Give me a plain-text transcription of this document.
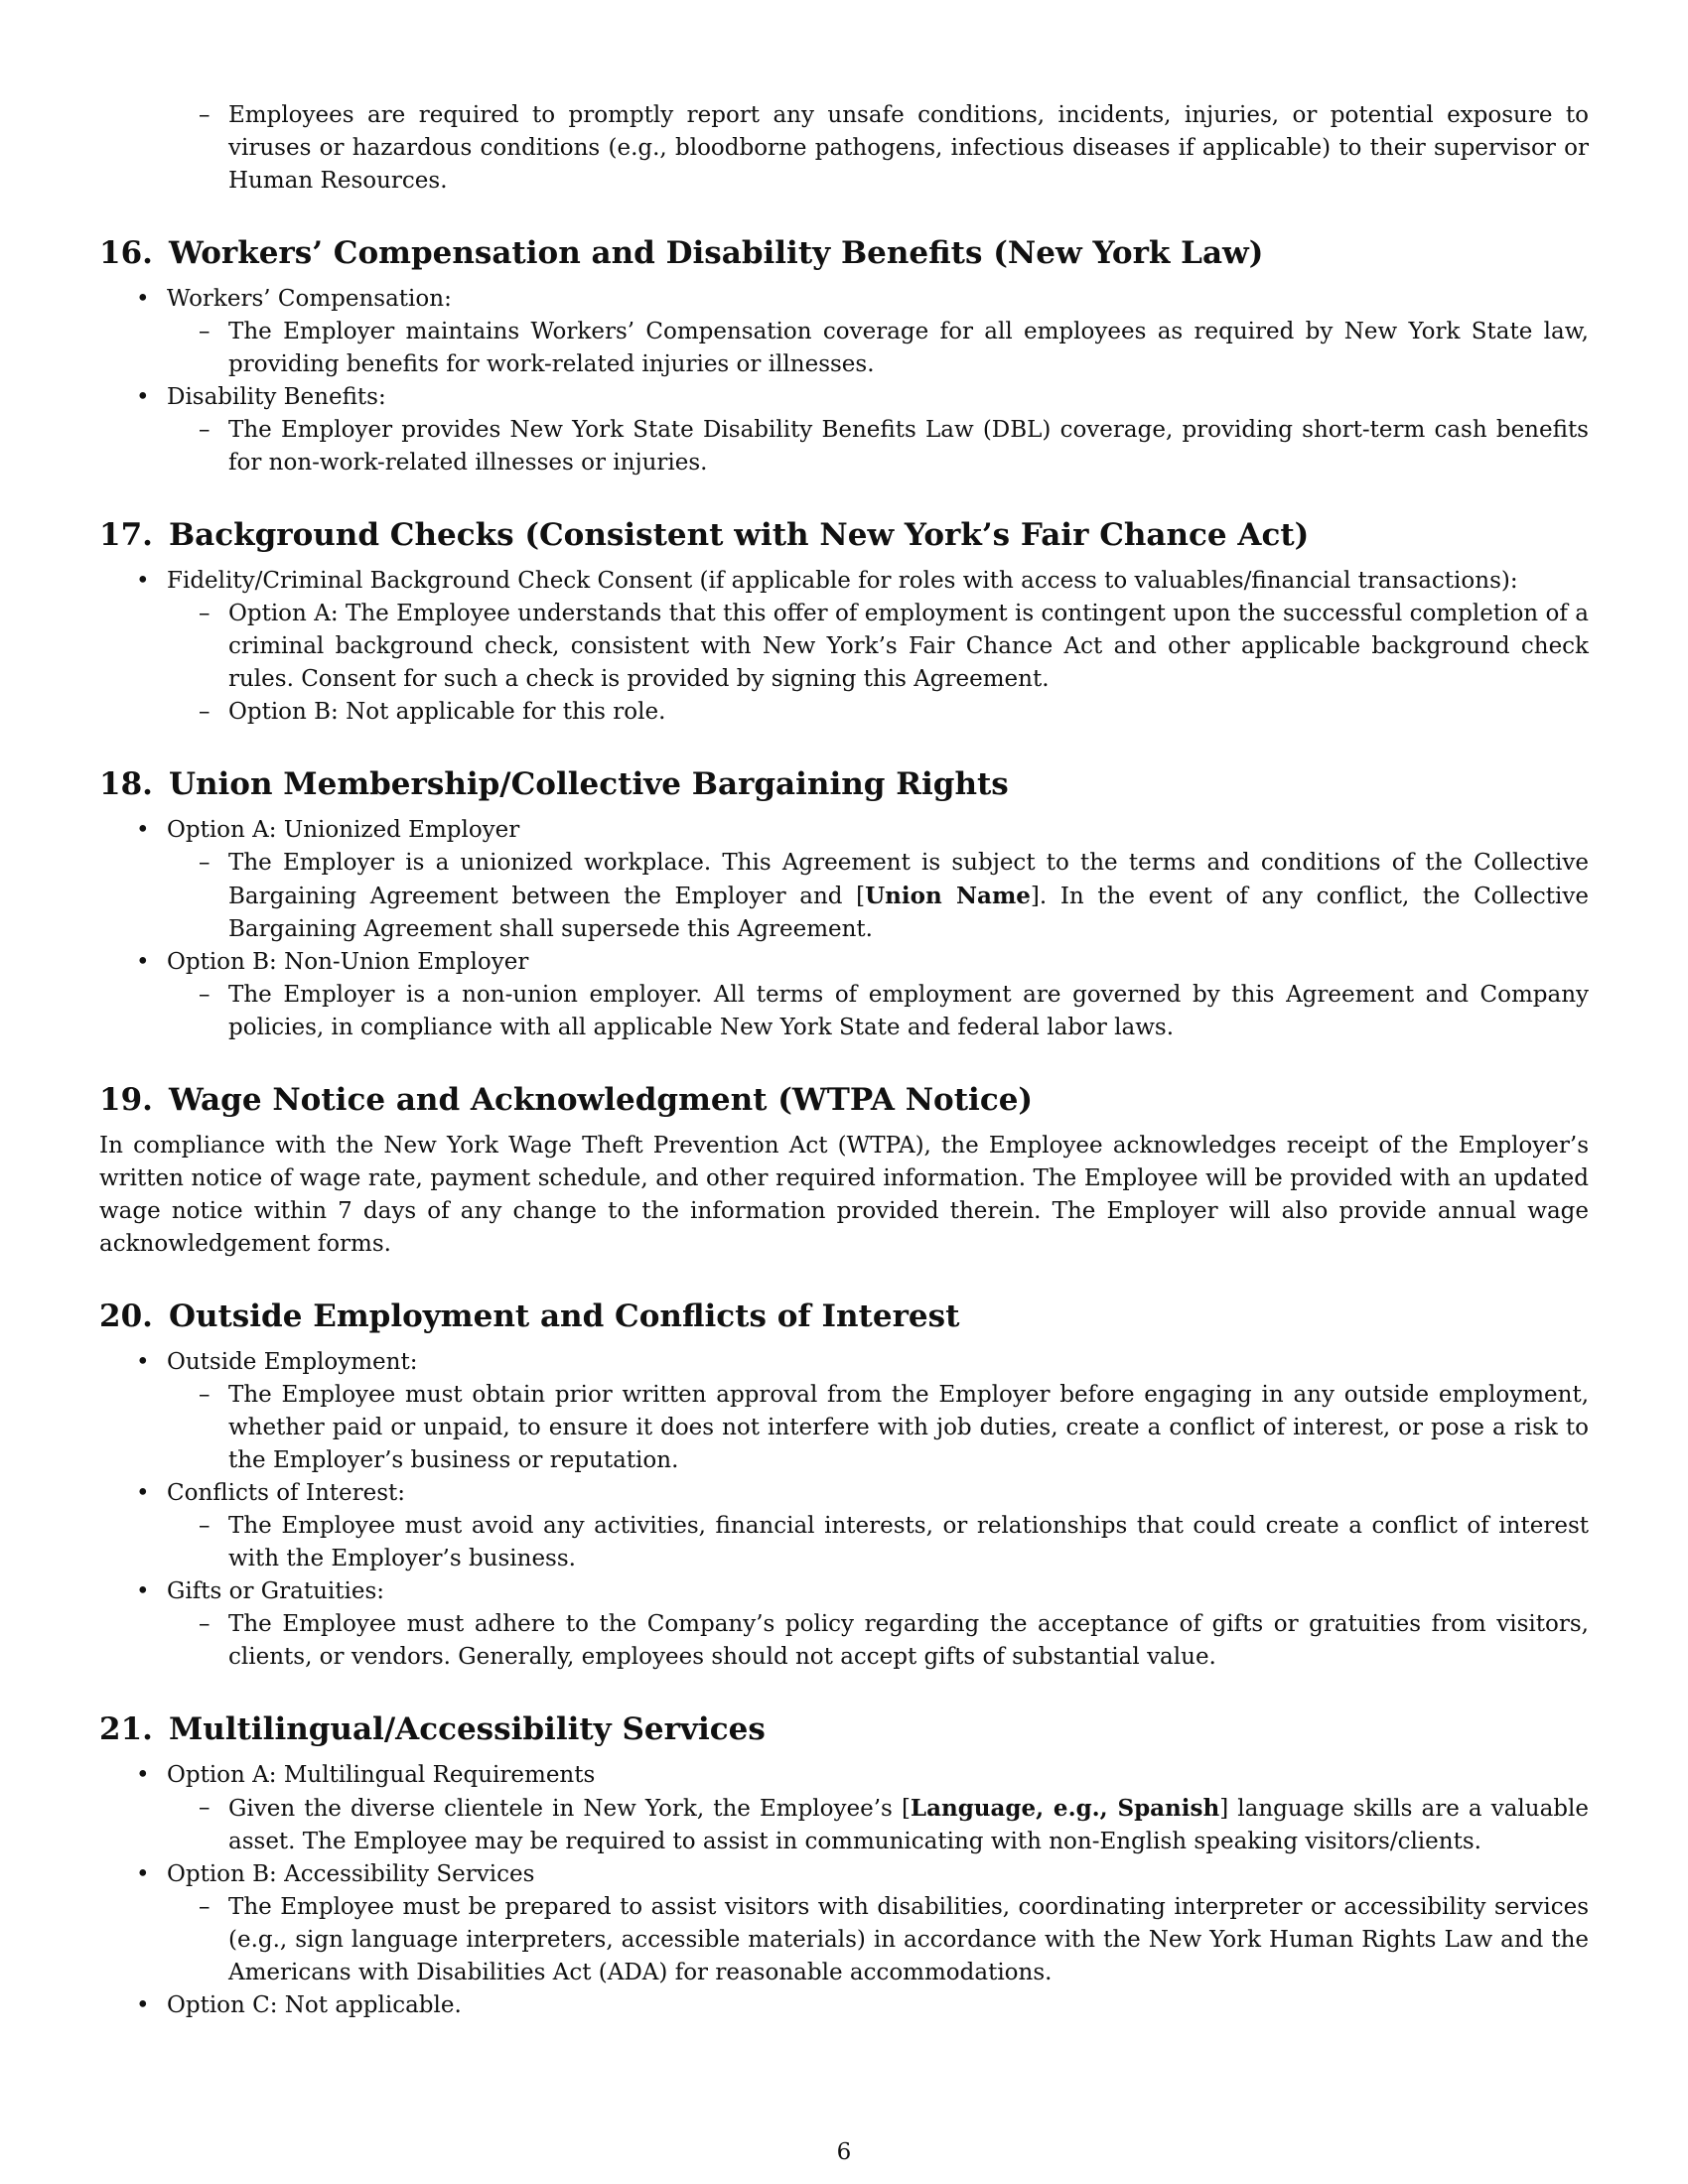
– Employees are required to promptly report any unsafe conditions, incidents, injuries, or potential exposure to viruses or hazardous conditions (e.g., bloodborne pathogens, infectious diseases if applicable) to their supervisor or Human Resources.
16. Workers’ Compensation and Disability Benefits (New York Law)
• Workers’ Compensation:
– The Employer maintains Workers’ Compensation coverage for all employees as required by New York State law, providing benefits for work-related injuries or illnesses.
• Disability Benefits:
– The Employer provides New York State Disability Benefits Law (DBL) coverage, providing short-term cash benefits for non-work-related illnesses or injuries.
17. Background Checks (Consistent with New York’s Fair Chance Act)
• Fidelity/Criminal Background Check Consent (if applicable for roles with access to valuables/financial transactions):
– Option A: The Employee understands that this offer of employment is contingent upon the successful completion of a criminal background check, consistent with New York’s Fair Chance Act and other applicable background check rules. Consent for such a check is provided by signing this Agreement.
– Option B: Not applicable for this role.
18. Union Membership/Collective Bargaining Rights
• Option A: Unionized Employer
– The Employer is a unionized workplace. This Agreement is subject to the terms and conditions of the Collective Bargaining Agreement between the Employer and [Union Name]. In the event of any conflict, the Collective Bargaining Agreement shall supersede this Agreement.
• Option B: Non-Union Employer
– The Employer is a non-union employer. All terms of employment are governed by this Agreement and Company policies, in compliance with all applicable New York State and federal labor laws.
19. Wage Notice and Acknowledgment (WTPA Notice)

In compliance with the New York Wage Theft Prevention Act (WTPA), the Employee acknowledges receipt of the Employer’s written notice of wage rate, payment schedule, and other required information. The Employee will be provided with an updated wage notice within 7 days of any change to the information provided therein. The Employer will also provide annual wage acknowledgement forms.

20. Outside Employment and Conflicts of Interest
• Outside Employment:
– The Employee must obtain prior written approval from the Employer before engaging in any outside employment, whether paid or unpaid, to ensure it does not interfere with job duties, create a conflict of interest, or pose a risk to the Employer’s business or reputation.
• Conflicts of Interest:
– The Employee must avoid any activities, financial interests, or relationships that could create a conflict of interest with the Employer’s business.
• Gifts or Gratuities:
– The Employee must adhere to the Company’s policy regarding the acceptance of gifts or gratuities from visitors, clients, or vendors. Generally, employees should not accept gifts of substantial value.
21. Multilingual/Accessibility Services
• Option A: Multilingual Requirements
– Given the diverse clientele in New York, the Employee’s [Language, e.g., Spanish] language skills are a valuable asset. The Employee may be required to assist in communicating with non-English speaking visitors/clients.
• Option B: Accessibility Services
– The Employee must be prepared to assist visitors with disabilities, coordinating interpreter or accessibility services (e.g., sign language interpreters, accessible materials) in accordance with the New York Human Rights Law and the Americans with Disabilities Act (ADA) for reasonable accommodations.
• Option C: Not applicable.
6
